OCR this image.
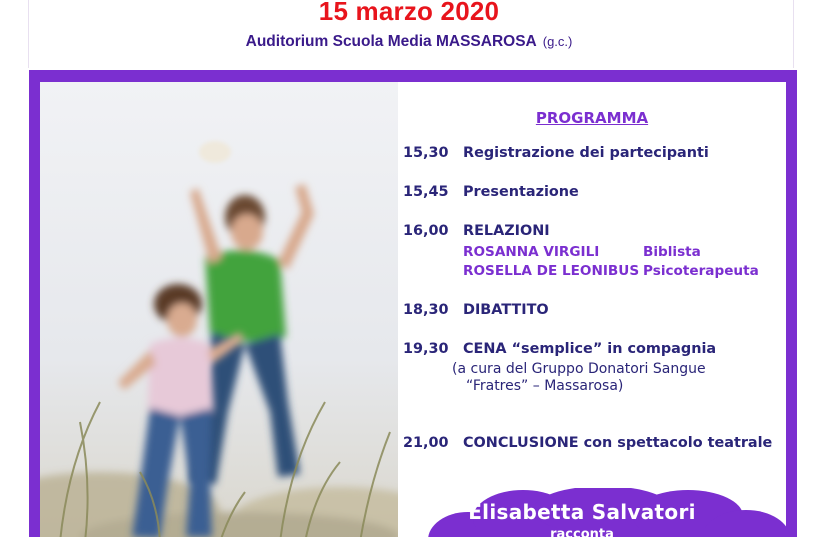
15 marzo 2020
Auditorium Scuola Media MASSAROSA (g.c.)
PROGRAMMA
15,30 Registrazione dei partecipanti
15,45 Presentazione
16,00 RELAZIONI
ROSANNA VIRGILI	Biblista
ROSELLA DE LEONIBUS Psicoterapeuta
18,30 DIBATTITO
19,30 CENA “semplice” in compagnia
(a cura del Gruppo Donatori Sangue
“Fratres” – Massarosa)
21,00 CONCLUSIONE con spettacolo teatrale
Elisabetta Salvatori
racconta
